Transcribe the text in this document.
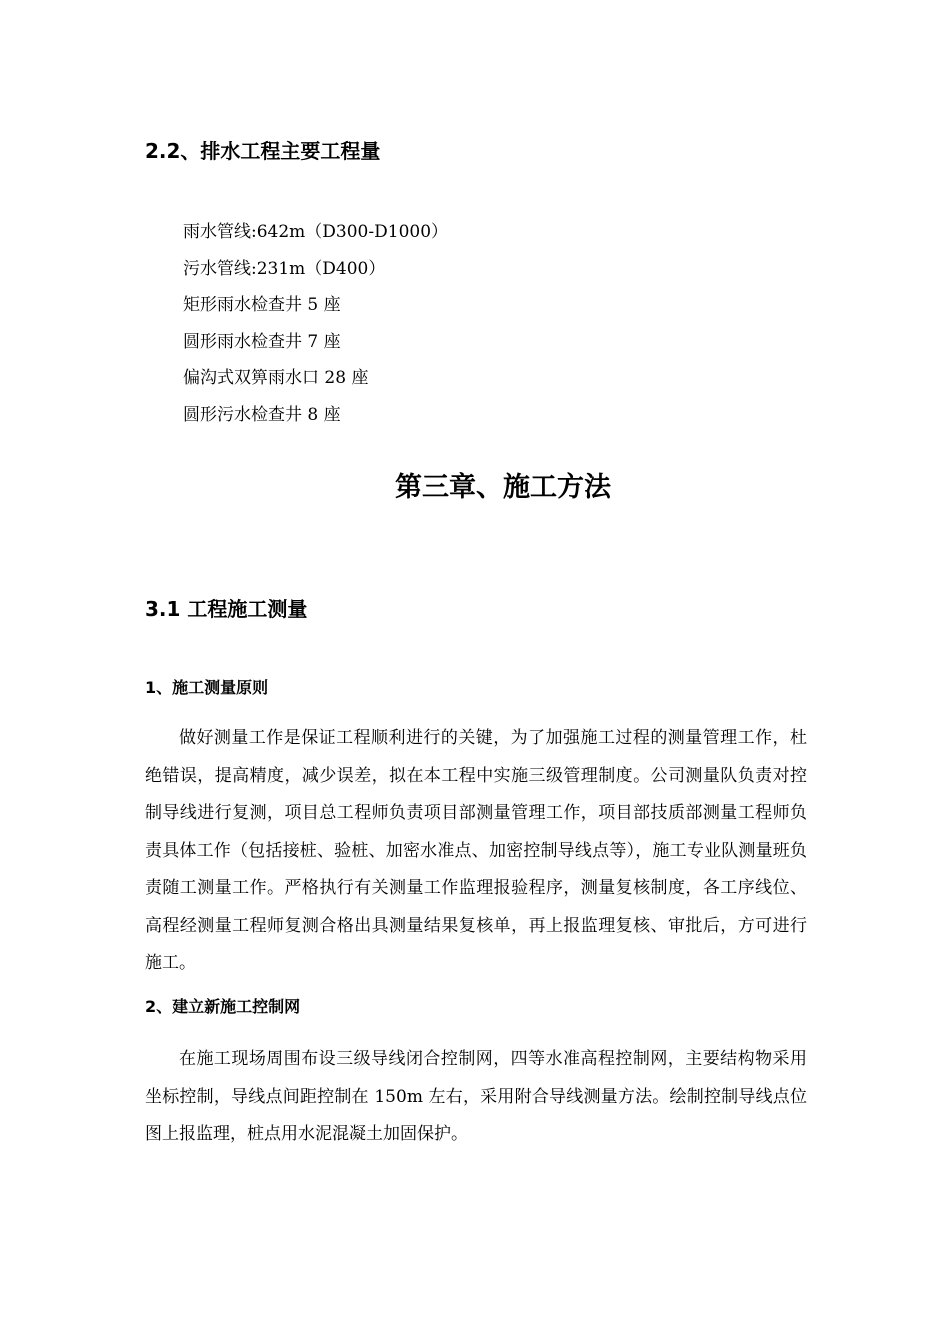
2.2、排水工程主要工程量
雨水管线:642m（D300-D1000）
污水管线:231m（D400）
矩形雨水检查井 5 座
圆形雨水检查井 7 座
偏沟式双箅雨水口 28 座
圆形污水检查井 8 座
第三章、施工方法
3.1 工程施工测量
1、施工测量原则

做好测量工作是保证工程顺利进行的关键，为了加强施工过程的测量管理工作，杜绝错误，提高精度，减少误差，拟在本工程中实施三级管理制度。公司测量队负责对控制导线进行复测，项目总工程师负责项目部测量管理工作，项目部技质部测量工程师负责具体工作（包括接桩、验桩、加密水准点、加密控制导线点等），施工专业队测量班负责随工测量工作。严格执行有关测量工作监理报验程序，测量复核制度，各工序线位、高程经测量工程师复测合格出具测量结果复核单，再上报监理复核、审批后，方可进行施工。

2、建立新施工控制网

在施工现场周围布设三级导线闭合控制网，四等水准高程控制网，主要结构物采用坐标控制，导线点间距控制在 150m 左右，采用附合导线测量方法。绘制控制导线点位图上报监理，桩点用水泥混凝土加固保护。
